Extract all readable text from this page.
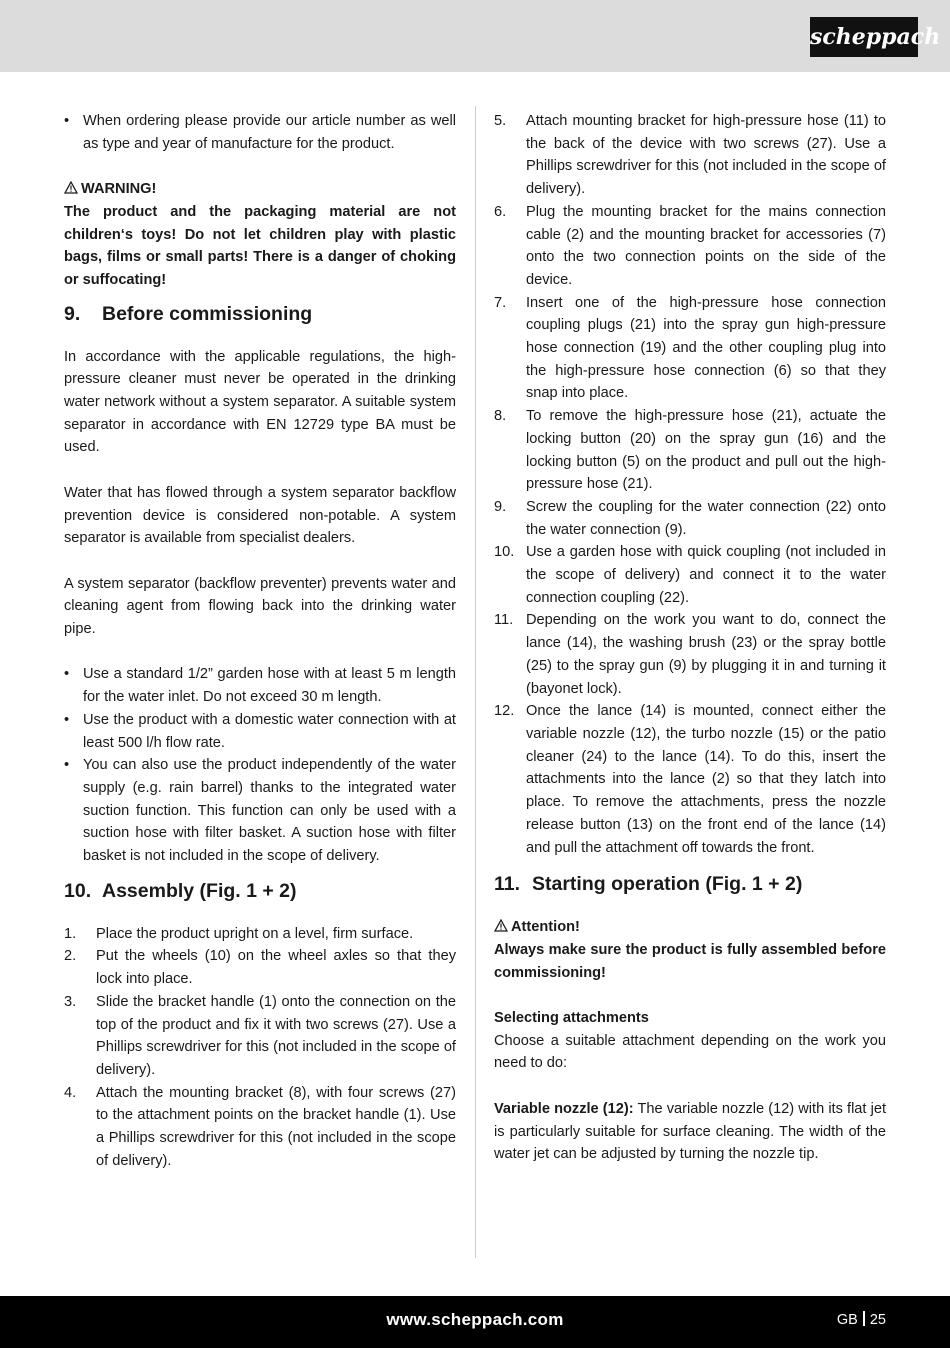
scheppach
• When ordering please provide our article number as well as type and year of manufacture for the product.
WARNING!

The product and the packaging material are not children‘s toys! Do not let children play with plastic bags, films or small parts! There is a danger of choking or suffocating!

9. Before commissioning

In accordance with the applicable regulations, the high-pressure cleaner must never be operated in the drinking water network without a system separator. A suitable system separator in accordance with EN 12729 type BA must be used.

Water that has flowed through a system separator backflow prevention device is considered non-potable. A system separator is available from specialist dealers.

A system separator (backflow preventer) prevents water and cleaning agent from flowing back into the drinking water pipe.

• Use a standard 1/2” garden hose with at least 5 m length for the water inlet. Do not exceed 30 m length.
• Use the product with a domestic water connection with at least 500 l/h flow rate.
• You can also use the product independently of the water supply (e.g. rain barrel) thanks to the integrated water suction function. This function can only be used with a suction hose with filter basket. A suction hose with filter basket is not included in the scope of delivery.
10. Assembly (Fig. 1 + 2)
1. Place the product upright on a level, firm surface.
2. Put the wheels (10) on the wheel axles so that they lock into place.
3. Slide the bracket handle (1) onto the connection on the top of the product and fix it with two screws (27). Use a Phillips screwdriver for this (not included in the scope of delivery).
4. Attach the mounting bracket (8), with four screws (27) to the attachment points on the bracket handle (1). Use a Phillips screwdriver for this (not included in the scope of delivery).
5. Attach mounting bracket for high-pressure hose (11) to the back of the device with two screws (27). Use a Phillips screwdriver for this (not included in the scope of delivery).
6. Plug the mounting bracket for the mains connection cable (2) and the mounting bracket for accessories (7) onto the two connection points on the side of the device.
7. Insert one of the high-pressure hose connection coupling plugs (21) into the spray gun high-pressure hose connection (19) and the other coupling plug into the high-pressure hose connection (6) so that they snap into place.
8. To remove the high-pressure hose (21), actuate the locking button (20) on the spray gun (16) and the locking button (5) on the product and pull out the high-pressure hose (21).
9. Screw the coupling for the water connection (22) onto the water connection (9).
10. Use a garden hose with quick coupling (not included in the scope of delivery) and connect it to the water connection coupling (22).
11. Depending on the work you want to do, connect the lance (14), the washing brush (23) or the spray bottle (25) to the spray gun (9) by plugging it in and turning it (bayonet lock).
12. Once the lance (14) is mounted, connect either the variable nozzle (12), the turbo nozzle (15) or the patio cleaner (24) to the lance (14). To do this, insert the attachments into the lance (2) so that they latch into place. To remove the attachments, press the nozzle release button (13) on the front end of the lance (14) and pull the attachment off towards the front.
11. Starting operation (Fig. 1 + 2)
Attention!

Always make sure the product is fully assembled before commissioning!

Selecting attachments

Choose a suitable attachment depending on the work you need to do:

Variable nozzle (12): The variable nozzle (12) with its flat jet is particularly suitable for surface cleaning. The width of the water jet can be adjusted by turning the nozzle tip.

www.scheppach.com	GB 25
